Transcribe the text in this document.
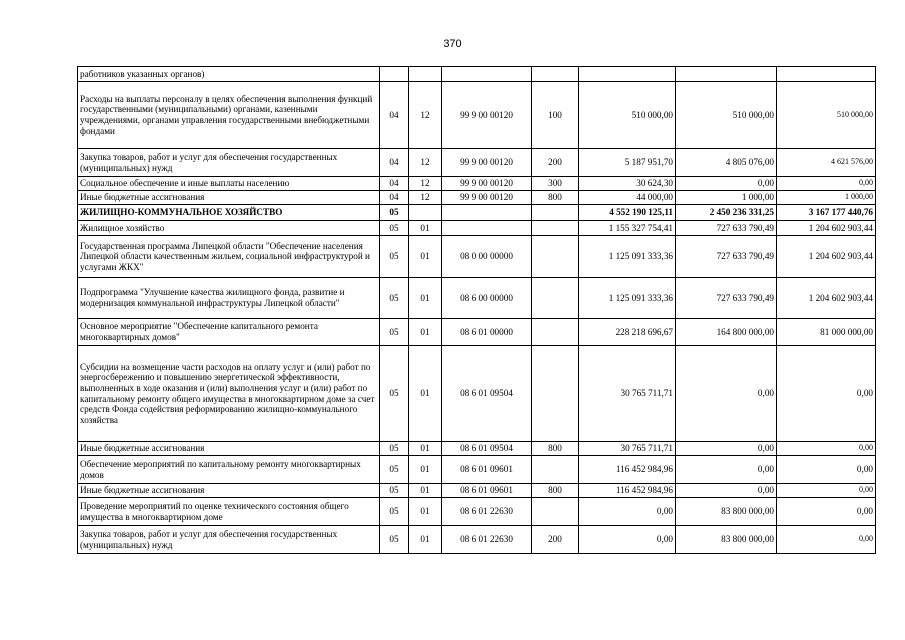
370
работников указанных органов)							
Расходы на выплаты персоналу в целях обеспечения выполнения функций государственными (муниципальными) органами, казенными учреждениями, органами управления государственными внебюджетными фондами	04	12	99 9 00 00120	100	510 000,00	510 000,00	510 000,00
Закупка товаров, работ и услуг для обеспечения государственных (муниципальных) нужд	04	12	99 9 00 00120	200	5 187 951,70	4 805 076,00	4 621 576,00
Социальное обеспечение и иные выплаты населению	04	12	99 9 00 00120	300	30 624,30	0,00	0,00
Иные бюджетные ассигнования	04	12	99 9 00 00120	800	44 000,00	1 000,00	1 000,00
ЖИЛИЩНО-КОММУНАЛЬНОЕ ХОЗЯЙСТВО	05				4 552 190 125,11	2 450 236 331,25	3 167 177 440,76
Жилищное хозяйство	05	01			1 155 327 754,41	727 633 790,49	1 204 602 903,44
Государственная программа Липецкой области "Обеспечение населения Липецкой области качественным жильем, социальной инфраструктурой и услугами ЖКХ"	05	01	08 0 00 00000		1 125 091 333,36	727 633 790,49	1 204 602 903,44
Подпрограмма "Улучшение качества жилищного фонда, развитие и модернизация коммунальной инфраструктуры Липецкой области"	05	01	08 6 00 00000		1 125 091 333,36	727 633 790,49	1 204 602 903,44
Основное мероприятие "Обеспечение капитального ремонта многоквартирных домов"	05	01	08 6 01 00000		228 218 696,67	164 800 000,00	81 000 000,00
Субсидии на возмещение части расходов на оплату услуг и (или) работ по энергосбережению и повышению энергетической эффективности, выполненных в ходе оказания и (или) выполнения услуг и (или) работ по капитальному ремонту общего имущества в многоквартирном доме за счет средств Фонда содействия реформированию жилищно-коммунального хозяйства	05	01	08 6 01 09504		30 765 711,71	0,00	0,00
Иные бюджетные ассигнования	05	01	08 6 01 09504	800	30 765 711,71	0,00	0,00
Обеспечение мероприятий по капитальному ремонту многоквартирных домов	05	01	08 6 01 09601		116 452 984,96	0,00	0,00
Иные бюджетные ассигнования	05	01	08 6 01 09601	800	116 452 984,96	0,00	0,00
Проведение мероприятий по оценке технического состояния общего имущества в многоквартирном доме	05	01	08 6 01 22630		0,00	83 800 000,00	0,00
Закупка товаров, работ и услуг для обеспечения государственных (муниципальных) нужд	05	01	08 6 01 22630	200	0,00	83 800 000,00	0,00
